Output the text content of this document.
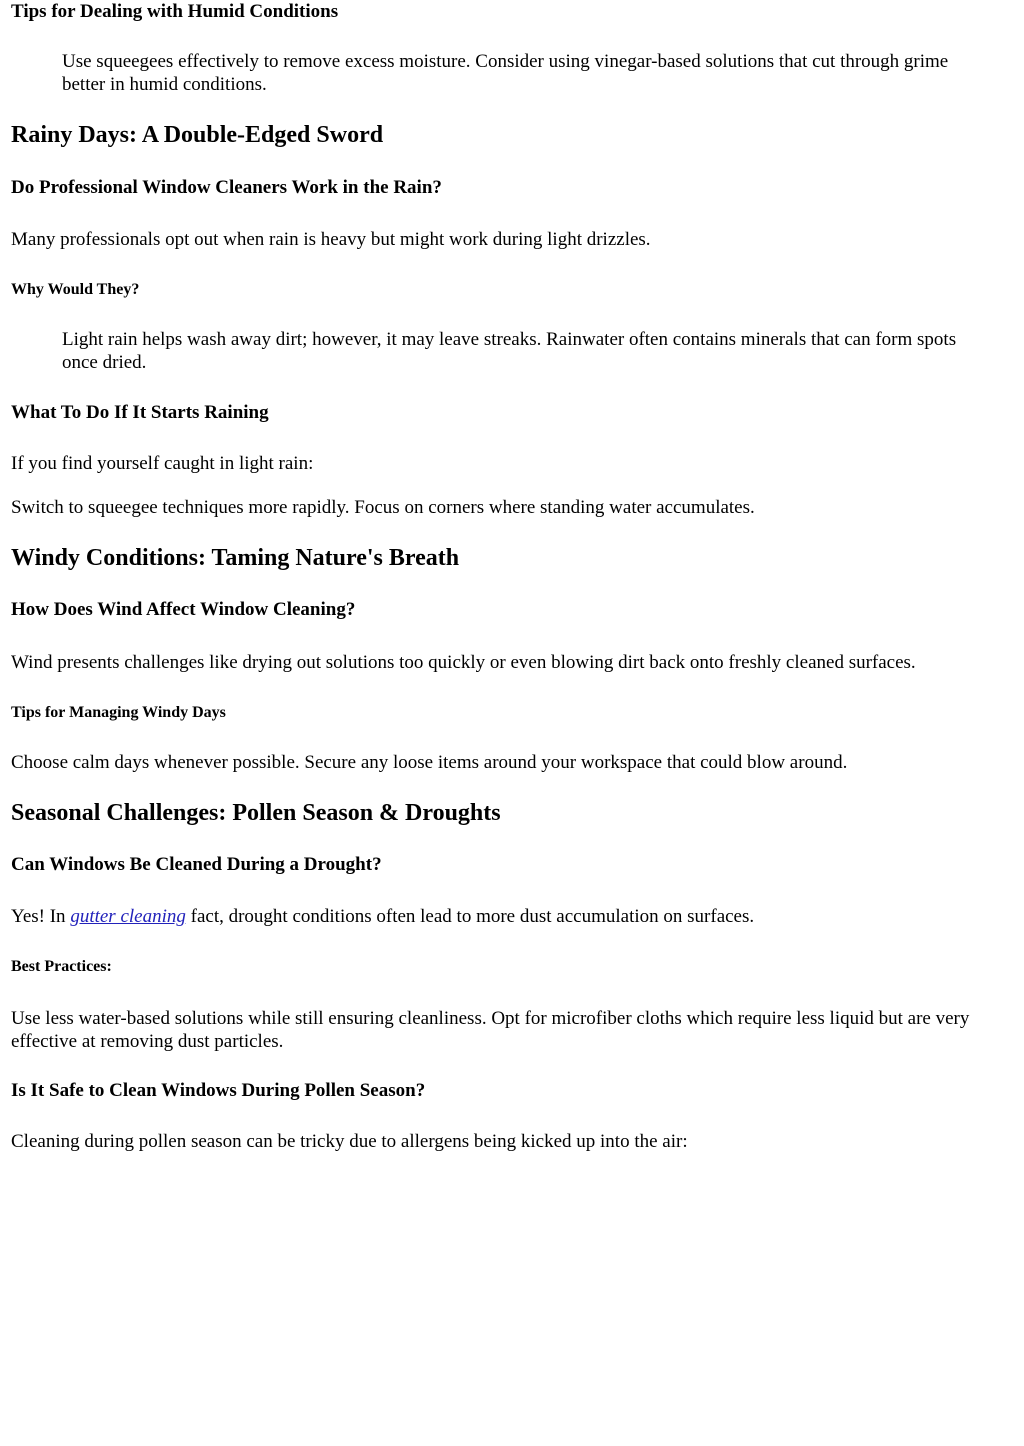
Tips for Dealing with Humid Conditions

Use squeegees effectively to remove excess moisture. Consider using vinegar-based solutions that cut through grime better in humid conditions.

Rainy Days: A Double-Edged Sword
Do Professional Window Cleaners Work in the Rain?

Many professionals opt out when rain is heavy but might work during light drizzles.

Why Would They?

Light rain helps wash away dirt; however, it may leave streaks. Rainwater often contains minerals that can form spots once dried.

What To Do If It Starts Raining

If you find yourself caught in light rain:

Switch to squeegee techniques more rapidly. Focus on corners where standing water accumulates.

Windy Conditions: Taming Nature's Breath
How Does Wind Affect Window Cleaning?

Wind presents challenges like drying out solutions too quickly or even blowing dirt back onto freshly cleaned surfaces.

Tips for Managing Windy Days

Choose calm days whenever possible. Secure any loose items around your workspace that could blow around.

Seasonal Challenges: Pollen Season & Droughts
Can Windows Be Cleaned During a Drought?

Yes! In gutter cleaning fact, drought conditions often lead to more dust accumulation on surfaces.

Best Practices:

Use less water-based solutions while still ensuring cleanliness. Opt for microfiber cloths which require less liquid but are very effective at removing dust particles.

Is It Safe to Clean Windows During Pollen Season?

Cleaning during pollen season can be tricky due to allergens being kicked up into the air:
